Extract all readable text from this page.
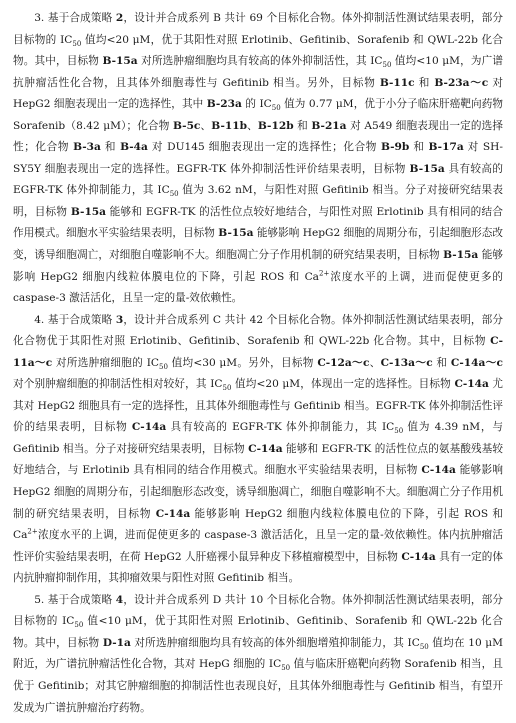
3. 基于合成策略 2，设计并合成系列 B 共计 69 个目标化合物。体外抑制活性测试结果表明，部分目标物的 $IC_{50}$ 值均<20 μM，优于其阳性对照 Erlotinib、Gefitinib、Sorafenib 和 QWL-22b 化合物。其中，目标物 B-15a 对所选肿瘤细胞均具有较高的体外抑制活性，其 $IC_{50}$ 值均<10 μM，为广谱抗肿瘤活性化合物，且其体外细胞毒性与 Gefitinib 相当。另外，目标物 B-11c 和 B-23a～c 对 HepG2 细胞表现出一定的选择性，其中 B-23a 的 $IC_{50}$ 值为 0.77 μM，优于小分子临床肝癌靶向药物 Sorafenib（8.42 μM）；化合物 B-5c、B-11b、B-12b 和 B-21a 对 A549 细胞表现出一定的选择性；化合物 B-3a 和 B-4a 对 DU145 细胞表现出一定的选择性；化合物 B-9b 和 B-17a 对 SH-SY5Y 细胞表现出一定的选择性。EGFR-TK 体外抑制活性评价结果表明，目标物 B-15a 具有较高的 EGFR-TK 体外抑制能力，其 $IC_{50}$ 值为 3.62 nM，与阳性对照 Gefitinib 相当。分子对接研究结果表明，目标物 B-15a 能够和 EGFR-TK 的活性位点较好地结合，与阳性对照 Erlotinib 具有相同的结合作用模式。细胞水平实验结果表明，目标物 B-15a 能够影响 HepG2 细胞的周期分布，引起细胞形态改变，诱导细胞凋亡，对细胞自噬影响不大。细胞凋亡分子作用机制的研究结果表明，目标物 B-15a 能够影响 HepG2 细胞内线粒体膜电位的下降，引起 ROS 和 $Ca^{2+}$浓度水平的上调，进而促使更多的 caspase-3 激活活化，且呈一定的量-效依赖性。

4. 基于合成策略 3，设计并合成系列 C 共计 42 个目标化合物。体外抑制活性测试结果表明，部分化合物优于其阳性对照 Erlotinib、Gefitinib、Sorafenib 和 QWL-22b 化合物。其中，目标物 C-11a～c 对所选肿瘤细胞的 $IC_{50}$ 值均<30 μM。另外，目标物 C-12a～c、C-13a～c 和 C-14a～c 对个别肿瘤细胞的抑制活性相对较好，其 $IC_{50}$ 值均<20 μM，体现出一定的选择性。目标物 C-14a 尤其对 HepG2 细胞具有一定的选择性，且其体外细胞毒性与 Gefitinib 相当。EGFR-TK 体外抑制活性评价的结果表明，目标物 C-14a 具有较高的 EGFR-TK 体外抑制能力，其 $IC_{50}$ 值为 4.39 nM，与 Gefitinib 相当。分子对接研究结果表明，目标物 C-14a 能够和 EGFR-TK 的活性位点的氨基酸残基较好地结合，与 Erlotinib 具有相同的结合作用模式。细胞水平实验结果表明，目标物 C-14a 能够影响 HepG2 细胞的周期分布，引起细胞形态改变，诱导细胞凋亡，细胞自噬影响不大。细胞凋亡分子作用机制的研究结果表明，目标物 C-14a 能够影响 HepG2 细胞内线粒体膜电位的下降，引起 ROS 和 $Ca^{2+}$浓度水平的上调，进而促使更多的 caspase-3 激活活化，且呈一定的量-效依赖性。体内抗肿瘤活性评价实验结果表明，在荷 HepG2 人肝癌裸小鼠异种皮下移植瘤模型中，目标物 C-14a 具有一定的体内抗肿瘤抑制作用，其抑瘤效果与阳性对照 Gefitinib 相当。

5. 基于合成策略 4，设计并合成系列 D 共计 10 个目标化合物。体外抑制活性测试结果表明，部分目标物的 $IC_{50}$ 值<10 μM，优于其阳性对照 Erlotinib、Gefitinib、Sorafenib 和 QWL-22b 化合物。其中，目标物 D-1a 对所选肿瘤细胞均具有较高的体外细胞增殖抑制能力，其 $IC_{50}$ 值均在 10 μM 附近，为广谱抗肿瘤活性化合物，其对 HepG 细胞的 $IC_{50}$ 值与临床肝癌靶向药物 Sorafenib 相当，且优于 Gefitinib；对其它肿瘤细胞的抑制活性也表现良好，且其体外细胞毒性与 Gefitinib 相当，有望开发成为广谱抗肿瘤治疗药物。
